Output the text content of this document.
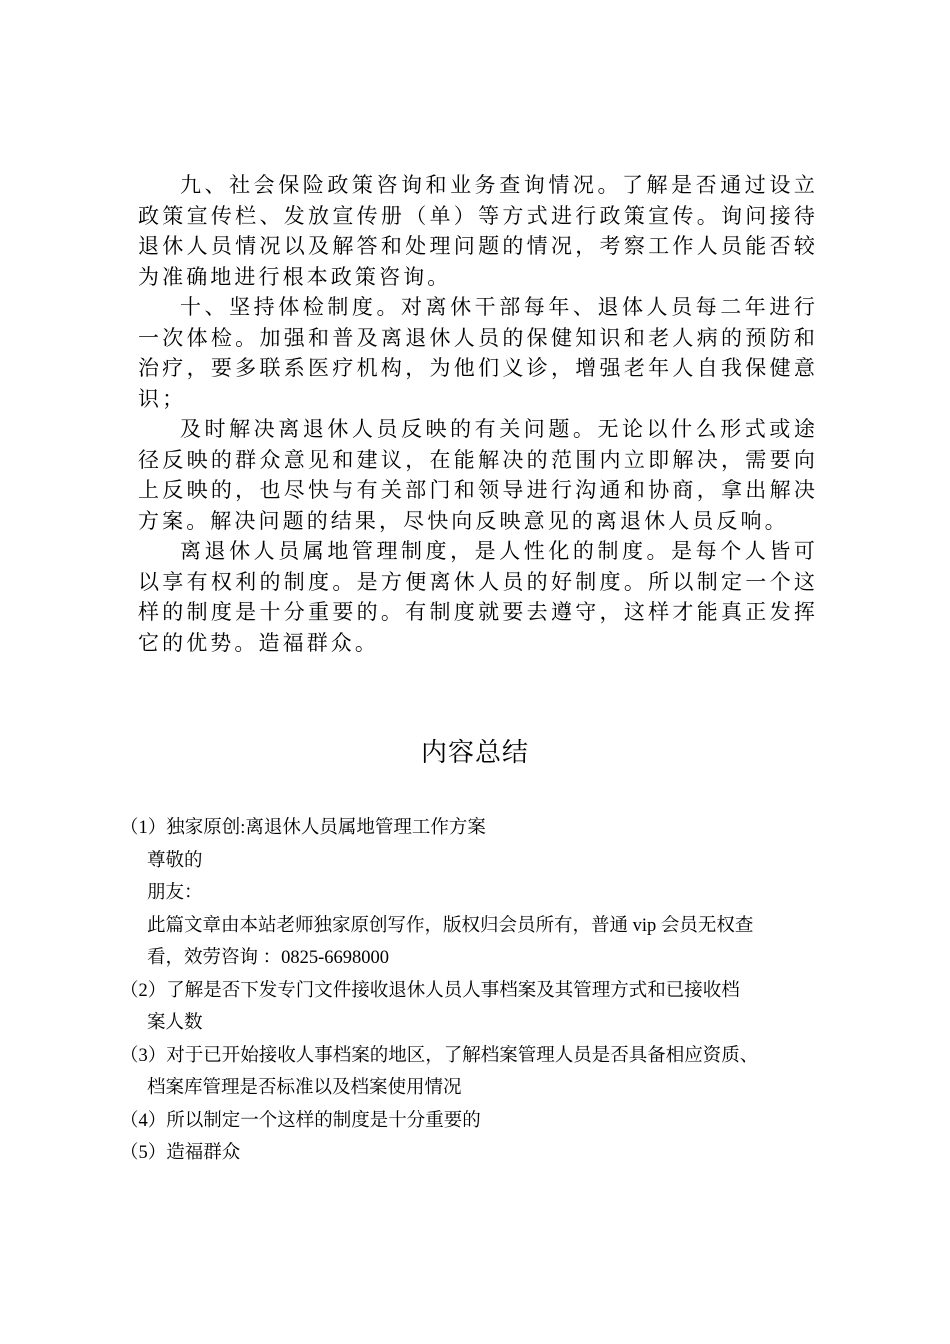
九、社会保险政策咨询和业务查询情况。了解是否通过设立政策宣传栏、发放宣传册（单）等方式进行政策宣传。询问接待退休人员情况以及解答和处理问题的情况，考察工作人员能否较为准确地进行根本政策咨询。

十、坚持体检制度。对离休干部每年、退体人员每二年进行一次体检。加强和普及离退休人员的保健知识和老人病的预防和治疗，要多联系医疗机构，为他们义诊，增强老年人自我保健意识；

及时解决离退休人员反映的有关问题。无论以什么形式或途径反映的群众意见和建议，在能解决的范围内立即解决，需要向上反映的，也尽快与有关部门和领导进行沟通和协商，拿出解决方案。解决问题的结果，尽快向反映意见的离退休人员反响。

离退休人员属地管理制度，是人性化的制度。是每个人皆可以享有权利的制度。是方便离休人员的好制度。所以制定一个这样的制度是十分重要的。有制度就要去遵守，这样才能真正发挥它的优势。造福群众。

内容总结

（1）独家原创:离退休人员属地管理工作方案

尊敬的

朋友：

此篇文章由本站老师独家原创写作，版权归会员所有，普通 vip 会员无权查

看，效劳咨询 ：0825-6698000

（2）了解是否下发专门文件接收退休人员人事档案及其管理方式和已接收档

案人数

（3）对于已开始接收人事档案的地区，了解档案管理人员是否具备相应资质、

档案库管理是否标准以及档案使用情况

（4）所以制定一个这样的制度是十分重要的

（5）造福群众
